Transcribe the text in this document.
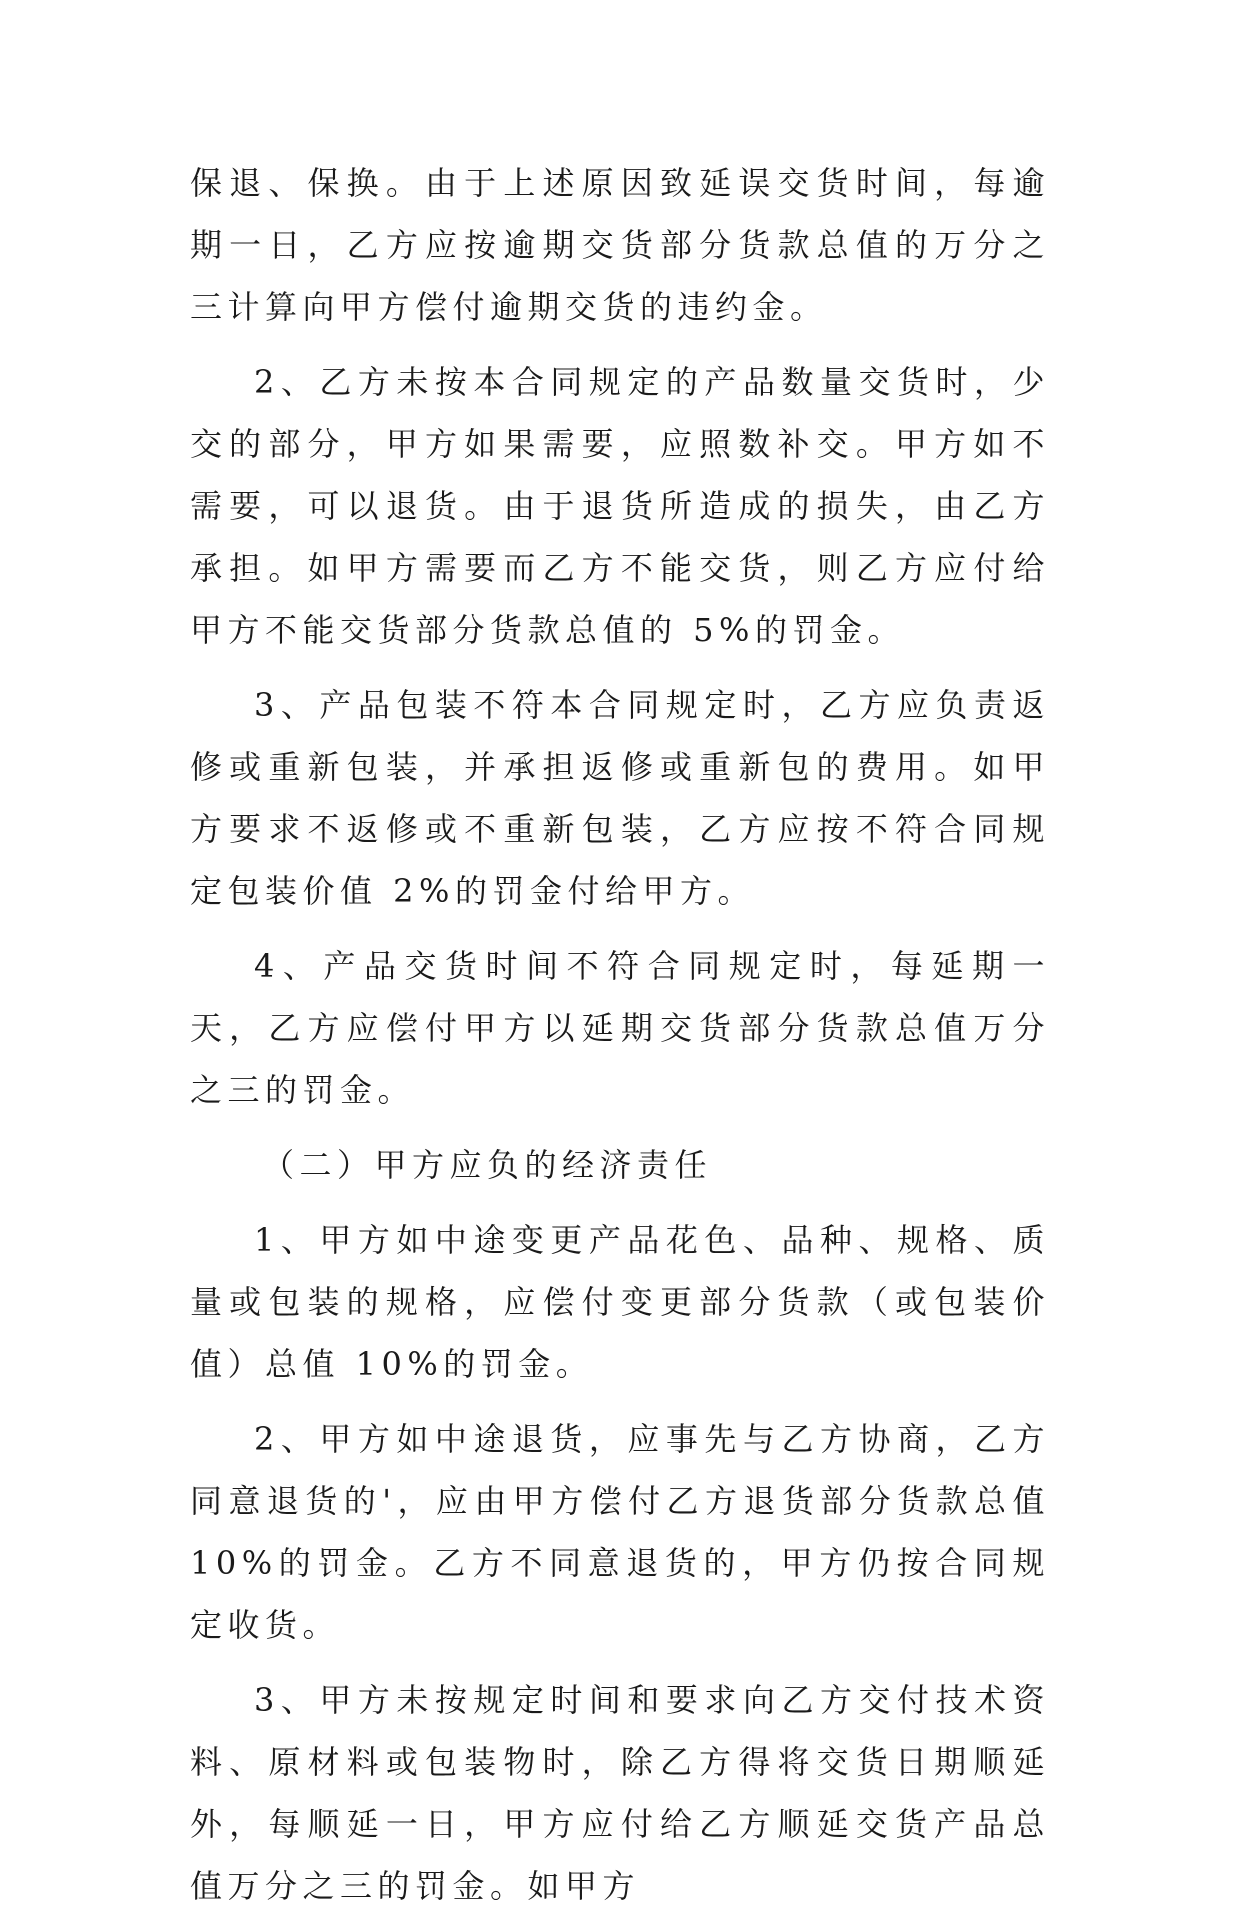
保退、保换。由于上述原因致延误交货时间，每逾期一日，乙方应按逾期交货部分货款总值的万分之三计算向甲方偿付逾期交货的违约金。

2、乙方未按本合同规定的产品数量交货时，少交的部分，甲方如果需要，应照数补交。甲方如不需要，可以退货。由于退货所造成的损失，由乙方承担。如甲方需要而乙方不能交货，则乙方应付给甲方不能交货部分货款总值的 5%的罚金。

3、产品包装不符本合同规定时，乙方应负责返修或重新包装，并承担返修或重新包的费用。如甲方要求不返修或不重新包装，乙方应按不符合同规定包装价值 2%的罚金付给甲方。

4、产品交货时间不符合同规定时，每延期一天，乙方应偿付甲方以延期交货部分货款总值万分之三的罚金。

（二）甲方应负的经济责任

1、甲方如中途变更产品花色、品种、规格、质量或包装的规格，应偿付变更部分货款（或包装价值）总值 10%的罚金。

2、甲方如中途退货，应事先与乙方协商，乙方同意退货的'，应由甲方偿付乙方退货部分货款总值 10%的罚金。乙方不同意退货的，甲方仍按合同规定收货。

3、甲方未按规定时间和要求向乙方交付技术资料、原材料或包装物时，除乙方得将交货日期顺延外，每顺延一日，甲方应付给乙方顺延交货产品总值万分之三的罚金。如甲方
